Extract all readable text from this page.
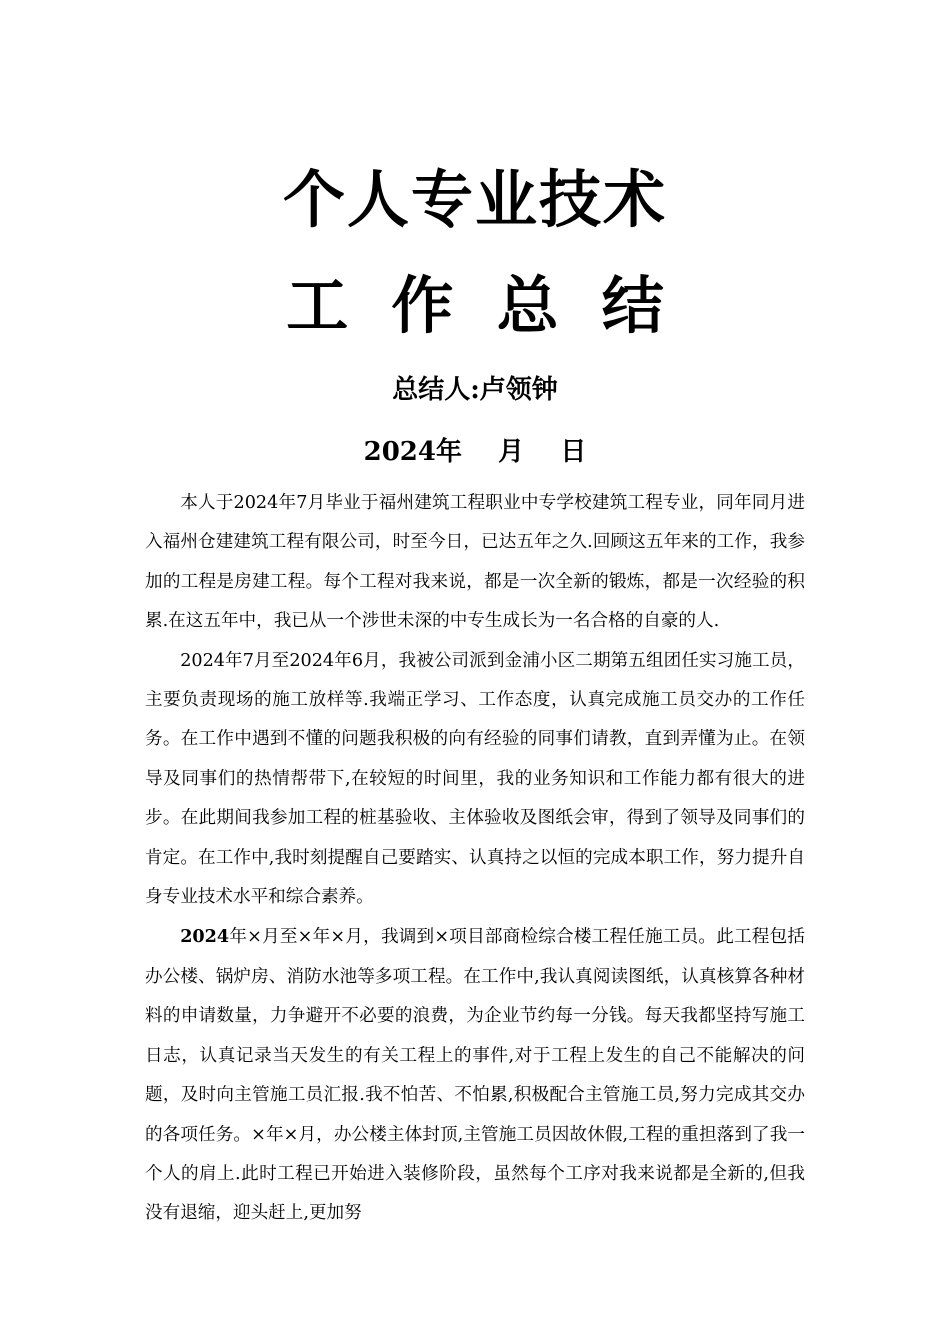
个人专业技术
工  作  总  结
总结人:卢领钟
2024年    月    日

本人于2024年7月毕业于福州建筑工程职业中专学校建筑工程专业，同年同月进入福州仓建建筑工程有限公司，时至今日，已达五年之久.回顾这五年来的工作，我参加的工程是房建工程。每个工程对我来说，都是一次全新的锻炼，都是一次经验的积累.在这五年中，我已从一个涉世未深的中专生成长为一名合格的自豪的人.

2024年7月至2024年6月，我被公司派到金浦小区二期第五组团任实习施工员，主要负责现场的施工放样等.我端正学习、工作态度，认真完成施工员交办的工作任务。在工作中遇到不懂的问题我积极的向有经验的同事们请教，直到弄懂为止。在领导及同事们的热情帮带下,在较短的时间里，我的业务知识和工作能力都有很大的进步。在此期间我参加工程的桩基验收、主体验收及图纸会审，得到了领导及同事们的肯定。在工作中,我时刻提醒自己要踏实、认真持之以恒的完成本职工作，努力提升自身专业技术水平和综合素养。

2024年×月至×年×月，我调到×项目部商检综合楼工程任施工员。此工程包括办公楼、锅炉房、消防水池等多项工程。在工作中,我认真阅读图纸，认真核算各种材料的申请数量，力争避开不必要的浪费，为企业节约每一分钱。每天我都坚持写施工日志，认真记录当天发生的有关工程上的事件,对于工程上发生的自己不能解决的问题，及时向主管施工员汇报.我不怕苦、不怕累,积极配合主管施工员,努力完成其交办的各项任务。×年×月，办公楼主体封顶,主管施工员因故休假,工程的重担落到了我一个人的肩上.此时工程已开始进入装修阶段，虽然每个工序对我来说都是全新的,但我没有退缩，迎头赶上,更加努
